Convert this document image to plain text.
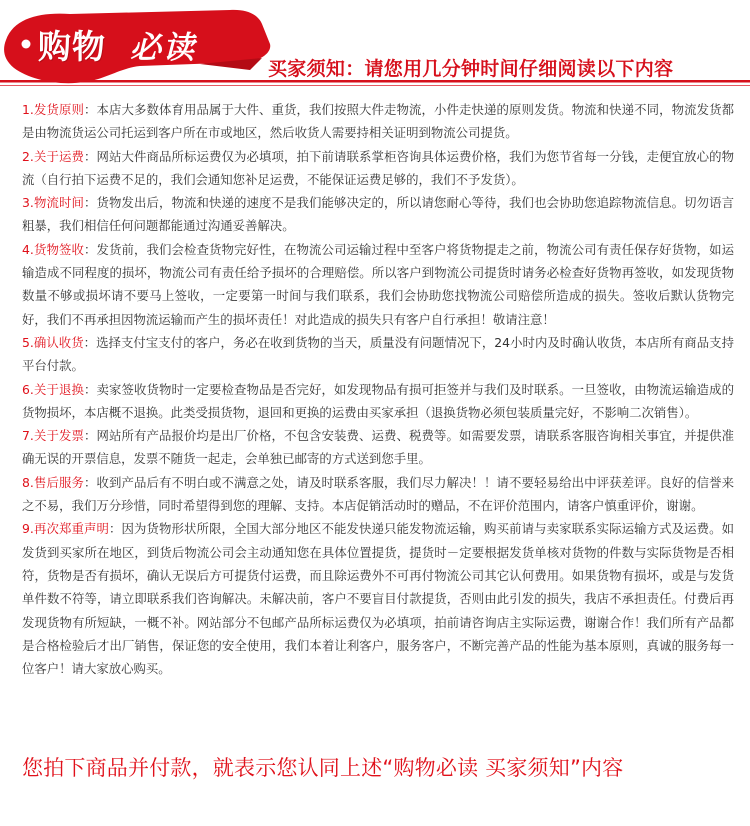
购物 必读
买家须知：请您用几分钟时间仔细阅读以下内容

1.发货原则：本店大多数体育用品属于大件、重货，我们按照大件走物流，小件走快递的原则发货。物流和快递不同，物流发货都是由物流货运公司托运到客户所在市或地区，然后收货人需要持相关证明到物流公司提货。

2.关于运费：网站大件商品所标运费仅为必填项，拍下前请联系掌柜咨询具体运费价格，我们为您节省每一分钱，走便宜放心的物流（自行拍下运费不足的，我们会通知您补足运费，不能保证运费足够的，我们不予发货）。

3.物流时间：货物发出后，物流和快递的速度不是我们能够决定的，所以请您耐心等待，我们也会协助您追踪物流信息。切勿语言粗暴，我们相信任何问题都能通过沟通妥善解决。

4.货物签收：发货前，我们会检查货物完好性，在物流公司运输过程中至客户将货物提走之前，物流公司有责任保存好货物，如运输造成不同程度的损坏，物流公司有责任给予损坏的合理赔偿。所以客户到物流公司提货时请务必检查好货物再签收，如发现货物数量不够或损坏请不要马上签收，一定要第一时间与我们联系，我们会协助您找物流公司赔偿所造成的损失。签收后默认货物完好，我们不再承担因物流运输而产生的损坏责任！对此造成的损失只有客户自行承担！敬请注意！

5.确认收货：选择支付宝支付的客户，务必在收到货物的当天，质量没有问题情况下，24小时内及时确认收货，本店所有商品支持平台付款。

6.关于退换：卖家签收货物时一定要检查物品是否完好，如发现物品有损可拒签并与我们及时联系。一旦签收，由物流运输造成的货物损坏，本店概不退换。此类受损货物，退回和更换的运费由买家承担（退换货物必须包装质量完好，不影响二次销售）。

7.关于发票：网站所有产品报价均是出厂价格，不包含安装费、运费、税费等。如需要发票，请联系客服咨询相关事宜，并提供准确无误的开票信息，发票不随货一起走，会单独已邮寄的方式送到您手里。

8.售后服务：收到产品后有不明白或不满意之处，请及时联系客服，我们尽力解决！！请不要轻易给出中评获差评。良好的信誉来之不易，我们万分珍惜，同时希望得到您的理解、支持。本店促销活动时的赠品，不在评价范围内，请客户慎重评价，谢谢。

9.再次郑重声明：因为货物形状所限，全国大部分地区不能发快递只能发物流运输，购买前请与卖家联系实际运输方式及运费。如发货到买家所在地区，到货后物流公司会主动通知您在具体位置提货，提货时－定要根据发货单核对货物的件数与实际货物是否相符，货物是否有损坏，确认无误后方可提货付运费，而且除运费外不可再付物流公司其它认何费用。如果货物有损坏，或是与发货单件数不符等，请立即联系我们咨询解决。未解决前，客户不要盲目付款提货，否则由此引发的损失，我店不承担责任。付费后再发现货物有所短缺，一概不补。网站部分不包邮产品所标运费仅为必填项，拍前请咨询店主实际运费，谢谢合作！我们所有产品都是合格检验后才出厂销售，保证您的安全使用，我们本着让利客户，服务客户，不断完善产品的性能为基本原则，真诚的服务每一位客户！请大家放心购买。

您拍下商品并付款，就表示您认同上述“购物必读 买家须知”内容
